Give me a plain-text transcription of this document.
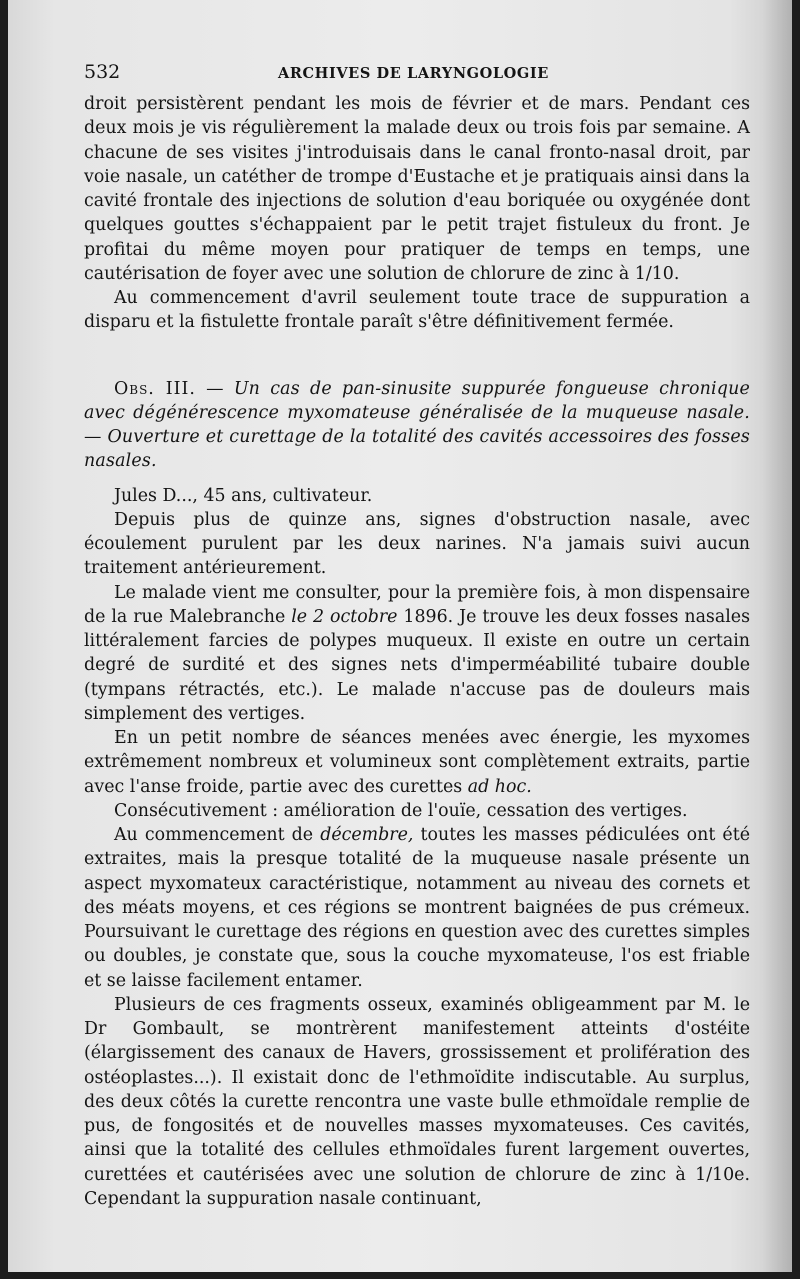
532	ARCHIVES DE LARYNGOLOGIE

droit persistèrent pendant les mois de février et de mars. Pendant ces deux mois je vis régulièrement la malade deux ou trois fois par semaine. A chacune de ses visites j'introduisais dans le canal fronto-nasal droit, par voie nasale, un catéther de trompe d'Eustache et je pratiquais ainsi dans la cavité frontale des injections de solution d'eau boriquée ou oxygénée dont quelques gouttes s'échappaient par le petit trajet fistuleux du front. Je profitai du même moyen pour pratiquer de temps en temps, une cautérisation de foyer avec une solution de chlorure de zinc à 1/10.

Au commencement d'avril seulement toute trace de suppuration a disparu et la fistulette frontale paraît s'être définitivement fermée.

Obs. III. — Un cas de pan-sinusite suppurée fongueuse chronique avec dégénérescence myxomateuse généralisée de la muqueuse nasale. — Ouverture et curettage de la totalité des cavités accessoires des fosses nasales.

Jules D..., 45 ans, cultivateur.

Depuis plus de quinze ans, signes d'obstruction nasale, avec écoulement purulent par les deux narines. N'a jamais suivi aucun traitement antérieurement.

Le malade vient me consulter, pour la première fois, à mon dispensaire de la rue Malebranche le 2 octobre 1896. Je trouve les deux fosses nasales littéralement farcies de polypes muqueux. Il existe en outre un certain degré de surdité et des signes nets d'imperméabilité tubaire double (tympans rétractés, etc.). Le malade n'accuse pas de douleurs mais simplement des vertiges.

En un petit nombre de séances menées avec énergie, les myxomes extrêmement nombreux et volumineux sont complètement extraits, partie avec l'anse froide, partie avec des curettes ad hoc.

Consécutivement : amélioration de l'ouïe, cessation des vertiges.

Au commencement de décembre, toutes les masses pédiculées ont été extraites, mais la presque totalité de la muqueuse nasale présente un aspect myxomateux caractéristique, notamment au niveau des cornets et des méats moyens, et ces régions se montrent baignées de pus crémeux. Poursuivant le curettage des régions en question avec des curettes simples ou doubles, je constate que, sous la couche myxomateuse, l'os est friable et se laisse facilement entamer.

Plusieurs de ces fragments osseux, examinés obligeamment par M. le Dr Gombault, se montrèrent manifestement atteints d'ostéite (élargissement des canaux de Havers, grossissement et prolifération des ostéoplastes...). Il existait donc de l'ethmoïdite indiscutable. Au surplus, des deux côtés la curette rencontra une vaste bulle ethmoïdale remplie de pus, de fongosités et de nouvelles masses myxomateuses. Ces cavités, ainsi que la totalité des cellules ethmoïdales furent largement ouvertes, curettées et cautérisées avec une solution de chlorure de zinc à 1/10e. Cependant la suppuration nasale continuant,
